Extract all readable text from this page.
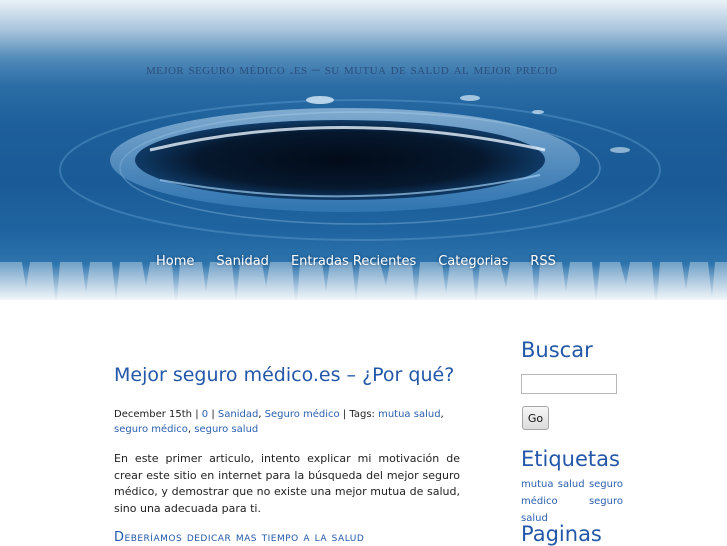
mejor seguro médico .es – su mutua de salud al mejor precio
Home Sanidad Entradas Recientes Categorias RSS
Mejor seguro médico.es – ¿Por qué?
December 15th | 0 | Sanidad, Seguro médico | Tags: mutua salud, seguro médico, seguro salud

En este primer articulo, intento explicar mi motivación de crear este sitio en internet para la búsqueda del mejor seguro médico, y demostrar que no existe una mejor mutua de salud, sino una adecuada para ti.

Deberíamos dedicar mas tiempo a la salud
Buscar
Go
Etiquetas
mutua salud seguro médico	seguro salud
Paginas
